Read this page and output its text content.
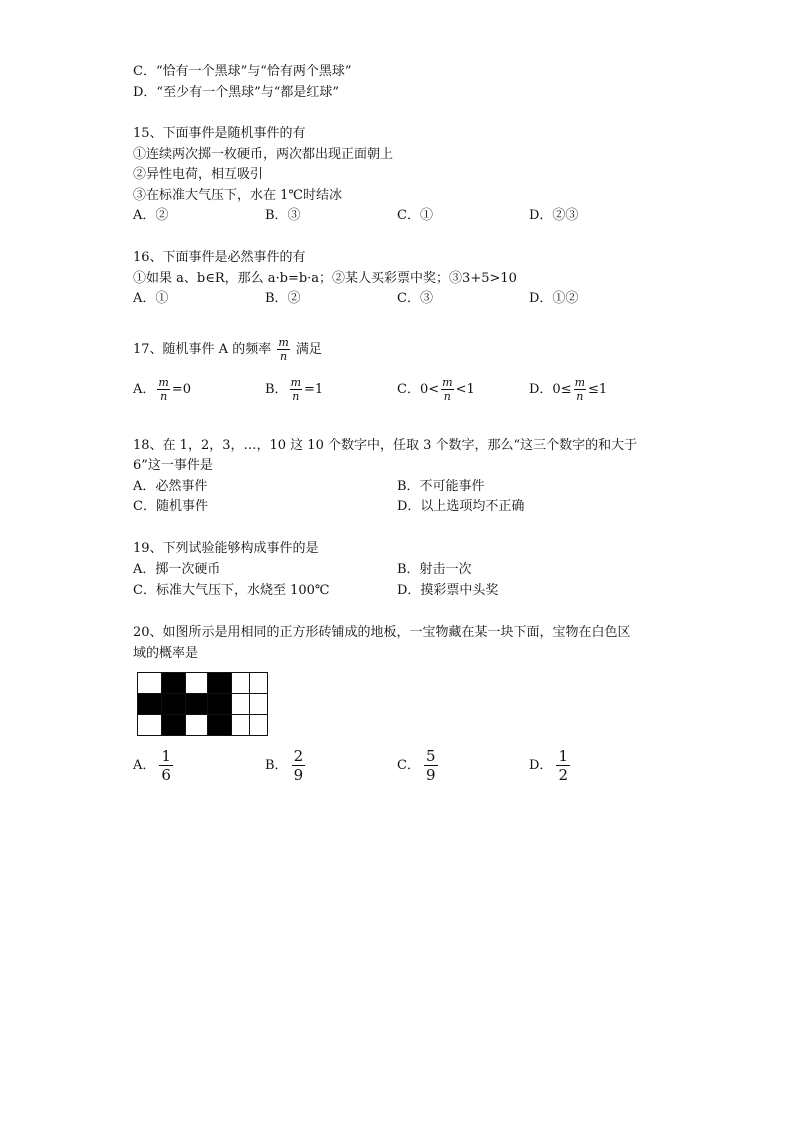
C．“恰有一个黑球”与“恰有两个黑球”
D．“至少有一个黑球”与“都是红球”
15、下面事件是随机事件的有
①连续两次掷一枚硬币，两次都出现正面朝上
②异性电荷，相互吸引
③在标准大气压下，水在 1℃时结冰
A．②	B．③	C．①	D．②③
16、下面事件是必然事件的有
①如果 a、b∈R，那么 a·b=b·a；②某人买彩票中奖；③3+5>10
A．①	B．②	C．③	D．①②
17、随机事件 A 的频率 $\frac{m}{n}$ 满足
A． $\frac{m}{n} =0$	B． $\frac{m}{n} =1$	C．$0< \frac{m}{n} <1$	D．$0\le \frac{m}{n} \le 1$
18、在 1，2，3，…，10 这 10 个数字中，任取 3 个数字，那么“这三个数字的和大于
6”这一事件是
A．必然事件	B．不可能事件
C．随机事件	D．以上选项均不正确
19、下列试验能够构成事件的是
A．掷一次硬币	B．射击一次
C．标准大气压下，水烧至 100℃	D．摸彩票中头奖
20、如图所示是用相同的正方形砖铺成的地板，一宝物藏在某一块下面，宝物在白色区
域的概率是
A． $\frac{1}{6}$	B． $\frac{2}{9}$	C． $\frac{5}{9}$	D． $\frac{1}{2}$
